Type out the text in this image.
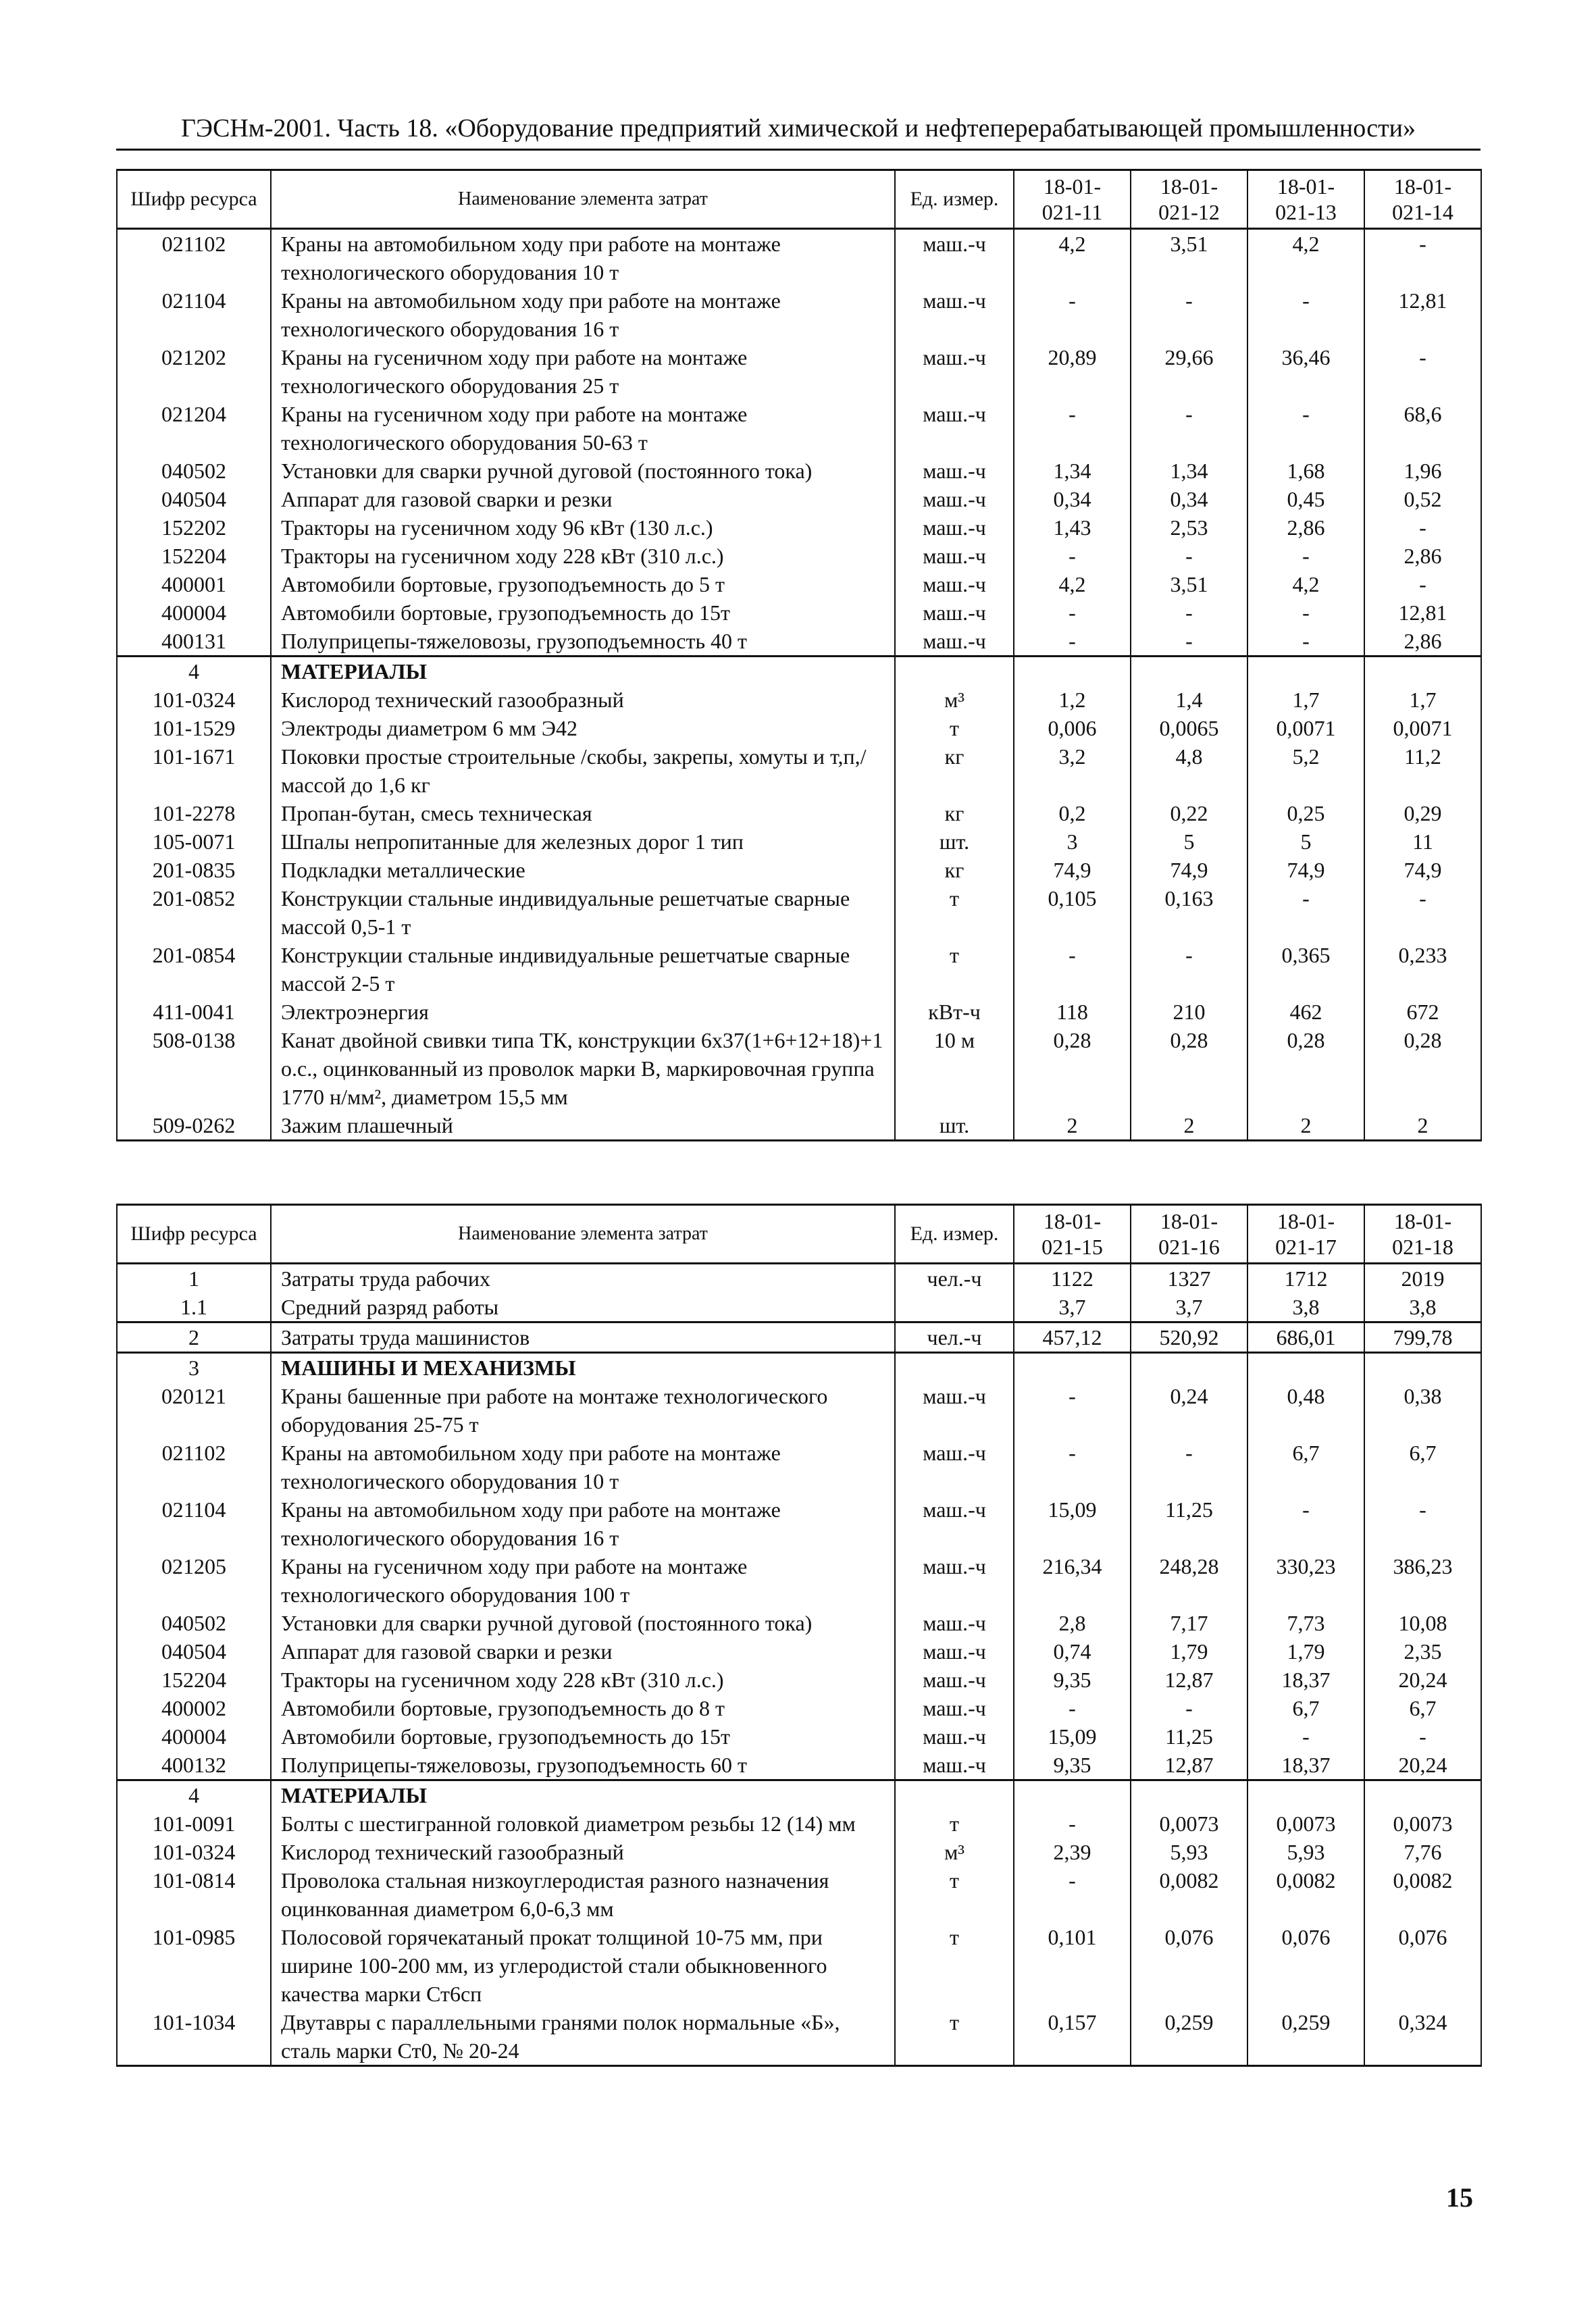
ГЭСНм-2001. Часть 18. «Оборудование предприятий химической и нефтеперерабатывающей промышленности»
Шифр ресурса	Наименование элемента затрат	Ед. измер.	18-01-021-11	18-01-021-12	18-01-021-13	18-01-021-14
021102	Краны на автомобильном ходу при работе на монтаже технологического оборудования 10 т	маш.-ч	4,2	3,51	4,2	-
021104	Краны на автомобильном ходу при работе на монтаже технологического оборудования 16 т	маш.-ч	-	-	-	12,81
021202	Краны на гусеничном ходу при работе на монтаже технологического оборудования 25 т	маш.-ч	20,89	29,66	36,46	-
021204	Краны на гусеничном ходу при работе на монтаже технологического оборудования 50-63 т	маш.-ч	-	-	-	68,6
040502	Установки для сварки ручной дуговой (постоянного тока)	маш.-ч	1,34	1,34	1,68	1,96
040504	Аппарат для газовой сварки и резки	маш.-ч	0,34	0,34	0,45	0,52
152202	Тракторы на гусеничном ходу 96 кВт (130 л.с.)	маш.-ч	1,43	2,53	2,86	-
152204	Тракторы на гусеничном ходу 228 кВт (310 л.с.)	маш.-ч	-	-	-	2,86
400001	Автомобили бортовые, грузоподъемность до 5 т	маш.-ч	4,2	3,51	4,2	-
400004	Автомобили бортовые, грузоподъемность до 15т	маш.-ч	-	-	-	12,81
400131	Полуприцепы-тяжеловозы, грузоподъемность 40 т	маш.-ч	-	-	-	2,86
4	МАТЕРИАЛЫ					
101-0324	Кислород технический газообразный	м³	1,2	1,4	1,7	1,7
101-1529	Электроды диаметром 6 мм Э42	т	0,006	0,0065	0,0071	0,0071
101-1671	Поковки простые строительные /скобы, закрепы, хомуты и т,п,/ массой до 1,6 кг	кг	3,2	4,8	5,2	11,2
101-2278	Пропан-бутан, смесь техническая	кг	0,2	0,22	0,25	0,29
105-0071	Шпалы непропитанные для железных дорог 1 тип	шт.	3	5	5	11
201-0835	Подкладки металлические	кг	74,9	74,9	74,9	74,9
201-0852	Конструкции стальные индивидуальные решетчатые сварные массой 0,5-1 т	т	0,105	0,163	-	-
201-0854	Конструкции стальные индивидуальные решетчатые сварные массой 2-5 т	т	-	-	0,365	0,233
411-0041	Электроэнергия	кВт-ч	118	210	462	672
508-0138	Канат двойной свивки типа ТК, конструкции 6х37(1+6+12+18)+1 о.с., оцинкованный из проволок марки В, маркировочная группа 1770 н/мм², диаметром 15,5 мм	10 м	0,28	0,28	0,28	0,28
509-0262	Зажим плашечный	шт.	2	2	2	2
Шифр ресурса	Наименование элемента затрат	Ед. измер.	18-01-021-15	18-01-021-16	18-01-021-17	18-01-021-18
1	Затраты труда рабочих	чел.-ч	1122	1327	1712	2019
1.1	Средний разряд работы		3,7	3,7	3,8	3,8
2	Затраты труда машинистов	чел.-ч	457,12	520,92	686,01	799,78
3	МАШИНЫ И МЕХАНИЗМЫ					
020121	Краны башенные при работе на монтаже технологического оборудования 25-75 т	маш.-ч	-	0,24	0,48	0,38
021102	Краны на автомобильном ходу при работе на монтаже технологического оборудования 10 т	маш.-ч	-	-	6,7	6,7
021104	Краны на автомобильном ходу при работе на монтаже технологического оборудования 16 т	маш.-ч	15,09	11,25	-	-
021205	Краны на гусеничном ходу при работе на монтаже технологического оборудования 100 т	маш.-ч	216,34	248,28	330,23	386,23
040502	Установки для сварки ручной дуговой (постоянного тока)	маш.-ч	2,8	7,17	7,73	10,08
040504	Аппарат для газовой сварки и резки	маш.-ч	0,74	1,79	1,79	2,35
152204	Тракторы на гусеничном ходу 228 кВт (310 л.с.)	маш.-ч	9,35	12,87	18,37	20,24
400002	Автомобили бортовые, грузоподъемность до 8 т	маш.-ч	-	-	6,7	6,7
400004	Автомобили бортовые, грузоподъемность до 15т	маш.-ч	15,09	11,25	-	-
400132	Полуприцепы-тяжеловозы, грузоподъемность 60 т	маш.-ч	9,35	12,87	18,37	20,24
4	МАТЕРИАЛЫ					
101-0091	Болты с шестигранной головкой диаметром резьбы 12 (14) мм	т	-	0,0073	0,0073	0,0073
101-0324	Кислород технический газообразный	м³	2,39	5,93	5,93	7,76
101-0814	Проволока стальная низкоуглеродистая разного назначения оцинкованная диаметром 6,0-6,3 мм	т	-	0,0082	0,0082	0,0082
101-0985	Полосовой горячекатаный прокат толщиной 10-75 мм, при ширине 100-200 мм, из углеродистой стали обыкновенного качества марки Ст6сп	т	0,101	0,076	0,076	0,076
101-1034	Двутавры с параллельными гранями полок нормальные «Б», сталь марки Ст0, № 20-24	т	0,157	0,259	0,259	0,324
15
